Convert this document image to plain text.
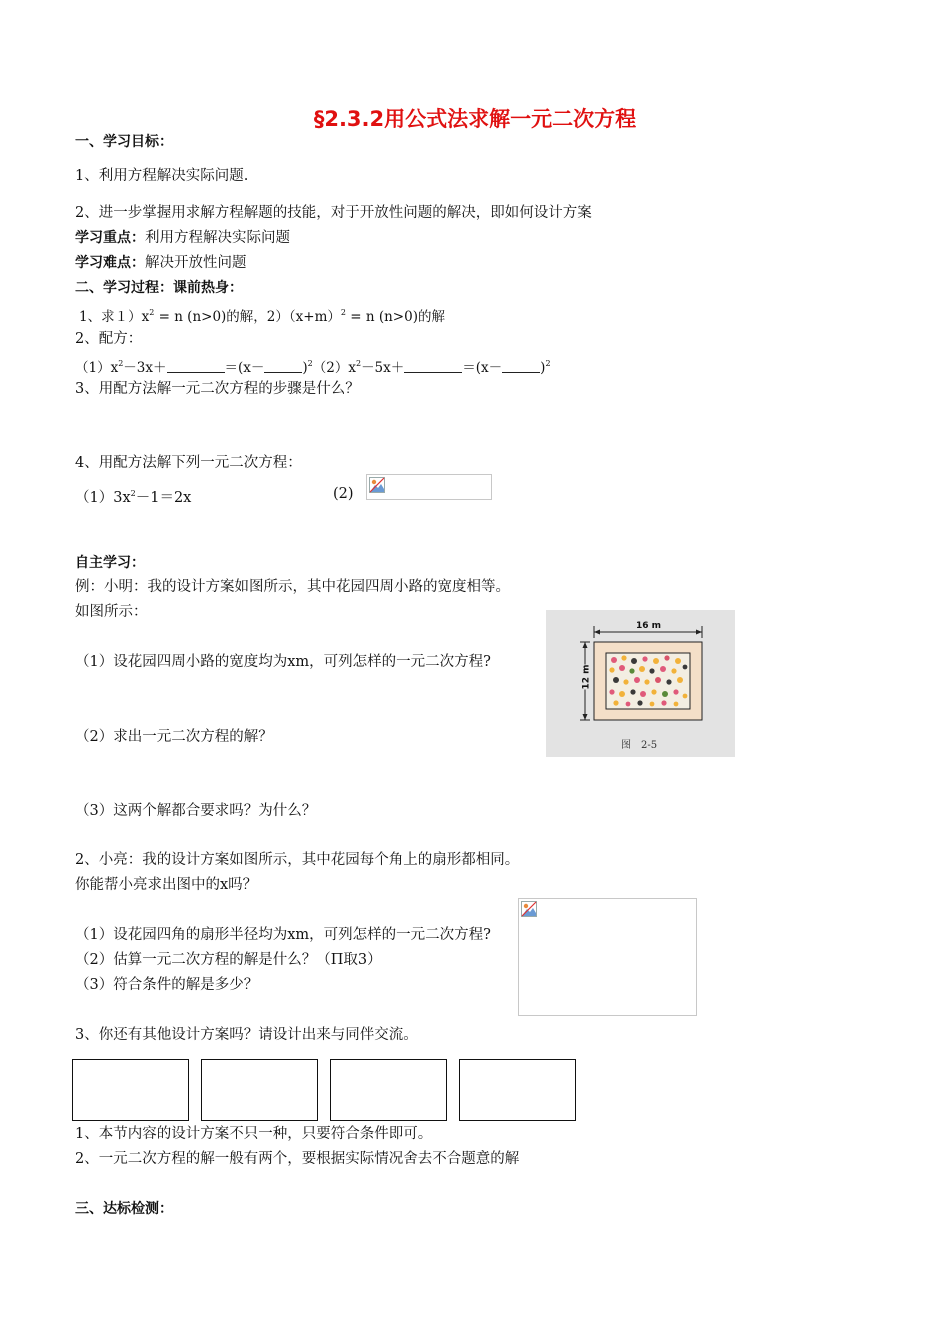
§2.3.2用公式法求解一元二次方程
一、学习目标：
1、利用方程解决实际问题.
2、进一步掌握用求解方程解题的技能，对于开放性问题的解决，即如何设计方案
学习重点：利用方程解决实际问题
学习难点：解决开放性问题
二、学习过程：课前热身：
1、求$1)x^2 = n$ (n>0)的解，$2)(x+m)^2 = n$ (n>0)的解
2、配方：
$(1)x^2-3x+$	＝(x－	)$^2(2)x^2-5x+$	＝(x－	)$^2$
3、用配方法解一元二次方程的步骤是什么？
4、用配方法解下列一元二次方程：
$(1)3x^2-1=2x$	(2)
自主学习：
例：小明：我的设计方案如图所示，其中花园四周小路的宽度相等。
如图所示：
（1）设花园四周小路的宽度均为xm，可列怎样的一元二次方程?
（2）求出一元二次方程的解？
（3）这两个解都合要求吗？为什么？
16 m
12 m
图　2-5
2、小亮：我的设计方案如图所示，其中花园每个角上的扇形都相同。
你能帮小亮求出图中的x吗？
（1）设花园四角的扇形半径均为xm，可列怎样的一元二次方程?
（2）估算一元二次方程的解是什么？（Π取3）
（3）符合条件的解是多少？
3、你还有其他设计方案吗？请设计出来与同伴交流。
1、本节内容的设计方案不只一种，只要符合条件即可。
2、一元二次方程的解一般有两个，要根据实际情况舍去不合题意的解
三、达标检测：
